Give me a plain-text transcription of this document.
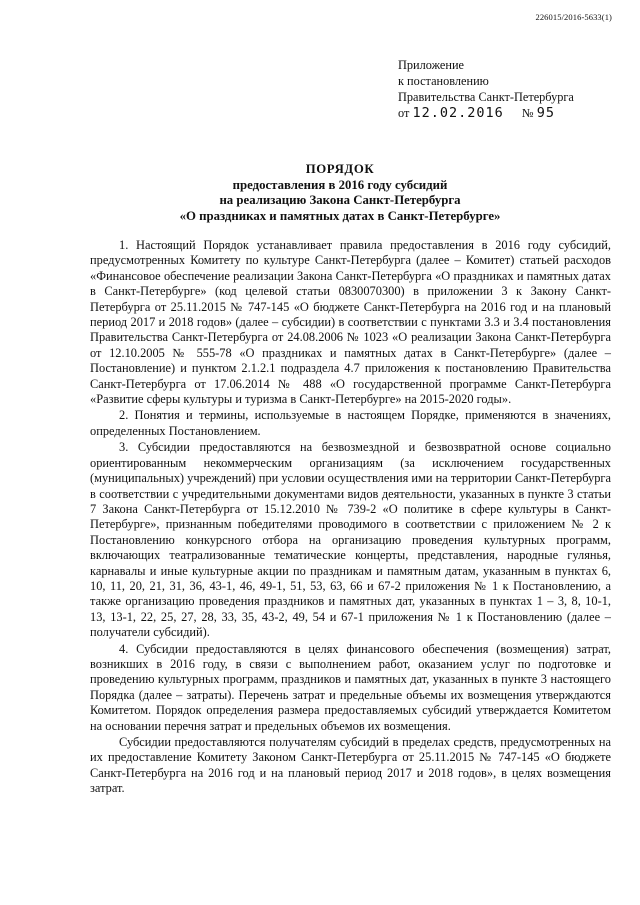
226015/2016-5633(1)
Приложение
к постановлению
Правительства Санкт-Петербурга
от 12.02.2016 № 95
ПОРЯДОК
предоставления в 2016 году субсидий
на реализацию Закона Санкт-Петербурга
«О праздниках и памятных датах в Санкт-Петербурге»

1. Настоящий Порядок устанавливает правила предоставления в 2016 году субсидий, предусмотренных Комитету по культуре Санкт-Петербурга (далее – Комитет) статьей расходов «Финансовое обеспечение реализации Закона Санкт-Петербурга «О праздниках и памятных датах в Санкт-Петербурге» (код целевой статьи 0830070300) в приложении 3 к Закону Санкт-Петербурга от 25.11.2015 № 747-145 «О бюджете Санкт-Петербурга на 2016 год и на плановый период 2017 и 2018 годов» (далее – субсидии) в соответствии с пунктами 3.3 и 3.4 постановления Правительства Санкт-Петербурга от 24.08.2006 № 1023 «О реализации Закона Санкт-Петербурга от 12.10.2005 № 555-78 «О праздниках и памятных датах в Санкт-Петербурге» (далее – Постановление) и пунктом 2.1.2.1 подраздела 4.7 приложения к постановлению Правительства Санкт-Петербурга от 17.06.2014 № 488 «О государственной программе Санкт-Петербурга «Развитие сферы культуры и туризма в Санкт-Петербурге» на 2015-2020 годы».

2. Понятия и термины, используемые в настоящем Порядке, применяются в значениях, определенных Постановлением.

3. Субсидии предоставляются на безвозмездной и безвозвратной основе социально ориентированным некоммерческим организациям (за исключением государственных (муниципальных) учреждений) при условии осуществления ими на территории Санкт-Петербурга в соответствии с учредительными документами видов деятельности, указанных в пункте 3 статьи 7 Закона Санкт-Петербурга от 15.12.2010 № 739-2 «О политике в сфере культуры в Санкт-Петербурге», признанным победителями проводимого в соответствии с приложением № 2 к Постановлению конкурсного отбора на организацию проведения культурных программ, включающих театрализованные тематические концерты, представления, народные гулянья, карнавалы и иные культурные акции по праздникам и памятным датам, указанным в пунктах 6, 10, 11, 20, 21, 31, 36, 43-1, 46, 49-1, 51, 53, 63, 66 и 67-2 приложения № 1 к Постановлению, а также организацию проведения праздников и памятных дат, указанных в пунктах 1 – 3, 8, 10-1, 13, 13-1, 22, 25, 27, 28, 33, 35, 43-2, 49, 54 и 67-1 приложения № 1 к Постановлению (далее – получатели субсидий).

4. Субсидии предоставляются в целях финансового обеспечения (возмещения) затрат, возникших в 2016 году, в связи с выполнением работ, оказанием услуг по подготовке и проведению культурных программ, праздников и памятных дат, указанных в пункте 3 настоящего Порядка (далее – затраты). Перечень затрат и предельные объемы их возмещения утверждаются Комитетом. Порядок определения размера предоставляемых субсидий утверждается Комитетом на основании перечня затрат и предельных объемов их возмещения.

Субсидии предоставляются получателям субсидий в пределах средств, предусмотренных на их предоставление Комитету Законом Санкт-Петербурга от 25.11.2015 № 747-145 «О бюджете Санкт-Петербурга на 2016 год и на плановый период 2017 и 2018 годов», в целях возмещения затрат.
